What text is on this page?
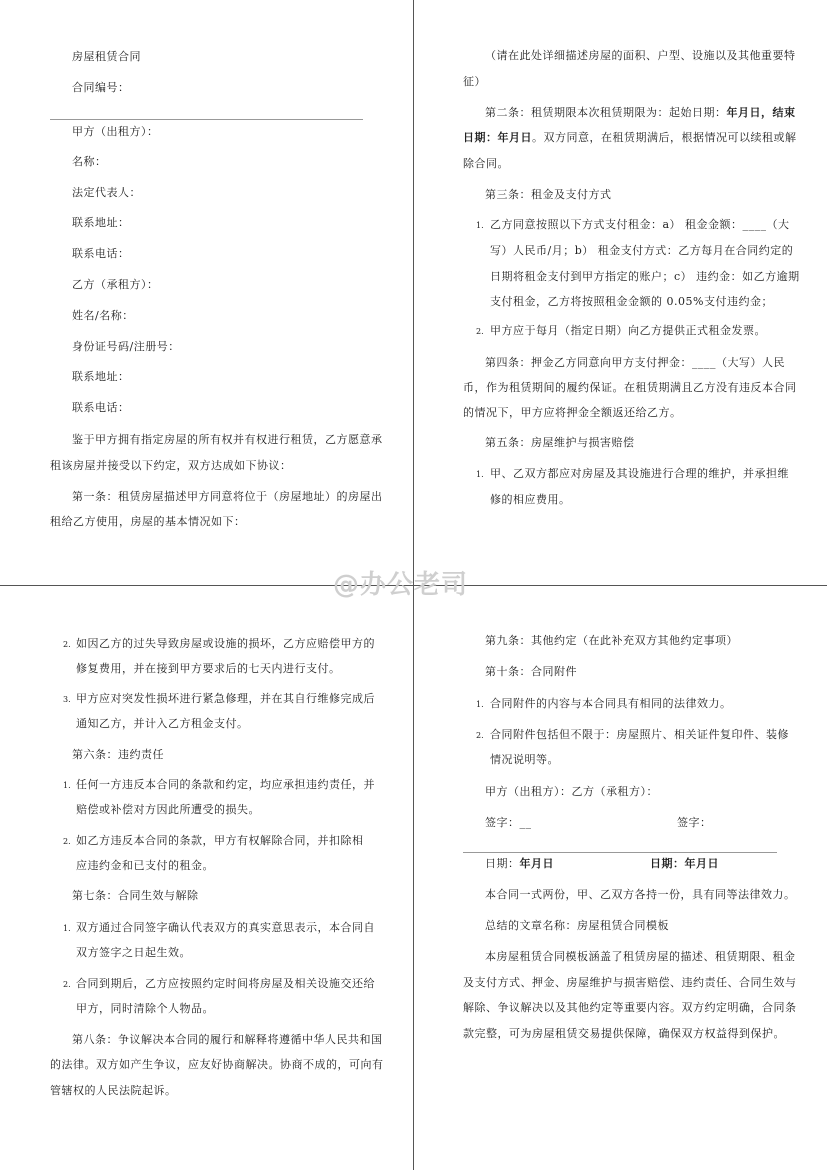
房屋租赁合同
合同编号：
甲方（出租方）：
名称：
法定代表人：
联系地址：
联系电话：
乙方（承租方）：
姓名/名称：
身份证号码/注册号：
联系地址：
联系电话：
鉴于甲方拥有指定房屋的所有权并有权进行租赁，乙方愿意承
租该房屋并接受以下约定，双方达成如下协议：
第一条：租赁房屋描述甲方同意将位于（房屋地址）的房屋出
租给乙方使用，房屋的基本情况如下：
（请在此处详细描述房屋的面积、户型、设施以及其他重要特
征）
第二条：租赁期限本次租赁期限为：起始日期：年月日，结束
日期：年月日。双方同意，在租赁期满后，根据情况可以续租或解
除合同。
第三条：租金及支付方式
1. 乙方同意按照以下方式支付租金：a） 租金金额：____（大
写）人民币/月；b） 租金支付方式：乙方每月在合同约定的
日期将租金支付到甲方指定的账户；c） 违约金：如乙方逾期
支付租金，乙方将按照租金金额的 0.05%支付违约金；
2. 甲方应于每月（指定日期）向乙方提供正式租金发票。
第四条：押金乙方同意向甲方支付押金：____（大写）人民
币，作为租赁期间的履约保证。在租赁期满且乙方没有违反本合同
的情况下，甲方应将押金全额返还给乙方。
第五条：房屋维护与损害赔偿
1. 甲、乙双方都应对房屋及其设施进行合理的维护，并承担维
修的相应费用。
2. 如因乙方的过失导致房屋或设施的损坏，乙方应赔偿甲方的
修复费用，并在接到甲方要求后的七天内进行支付。
3. 甲方应对突发性损坏进行紧急修理，并在其自行维修完成后
通知乙方，并计入乙方租金支付。
第六条：违约责任
1. 任何一方违反本合同的条款和约定，均应承担违约责任，并
赔偿或补偿对方因此所遭受的损失。
2. 如乙方违反本合同的条款，甲方有权解除合同，并扣除相
应违约金和已支付的租金。
第七条：合同生效与解除
1. 双方通过合同签字确认代表双方的真实意思表示，本合同自
双方签字之日起生效。
2. 合同到期后，乙方应按照约定时间将房屋及相关设施交还给
甲方，同时清除个人物品。
第八条：争议解决本合同的履行和解释将遵循中华人民共和国
的法律。双方如产生争议，应友好协商解决。协商不成的，可向有
管辖权的人民法院起诉。
第九条：其他约定（在此补充双方其他约定事项）
第十条：合同附件
1. 合同附件的内容与本合同具有相同的法律效力。
2. 合同附件包括但不限于：房屋照片、相关证件复印件、装修
情况说明等。
甲方（出租方）：乙方（承租方）：
签字：__	签字：
日期：年月日	日期：年月日
本合同一式两份，甲、乙双方各持一份，具有同等法律效力。
总结的文章名称：房屋租赁合同模板
本房屋租赁合同模板涵盖了租赁房屋的描述、租赁期限、租金
及支付方式、押金、房屋维护与损害赔偿、违约责任、合同生效与
解除、争议解决以及其他约定等重要内容。双方约定明确，合同条
款完整，可为房屋租赁交易提供保障，确保双方权益得到保护。
@办公老司
